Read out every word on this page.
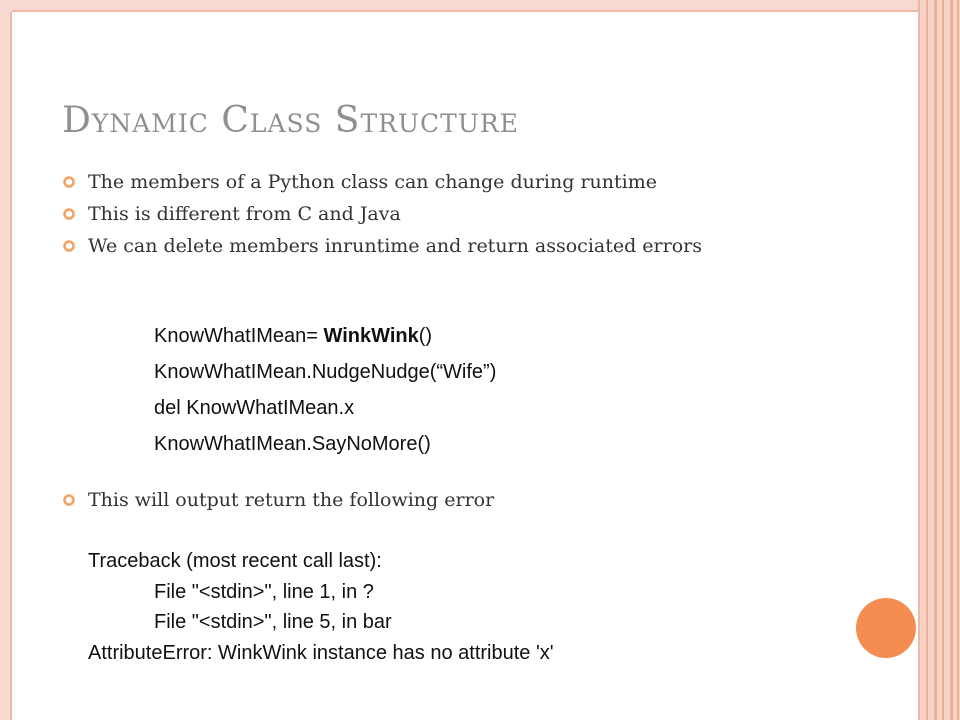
Dynamic Class Structure
The members of a Python class can change during runtime
This is different from C and Java
We can delete members inruntime and return associated errors
KnowWhatIMean= WinkWink()
KnowWhatIMean.NudgeNudge(“Wife”)
del KnowWhatIMean.x
KnowWhatIMean.SayNoMore()
This will output return the following error
Traceback (most recent call last):
File "<stdin>", line 1, in ?
File "<stdin>", line 5, in bar
AttributeError: WinkWink instance has no attribute 'x'
